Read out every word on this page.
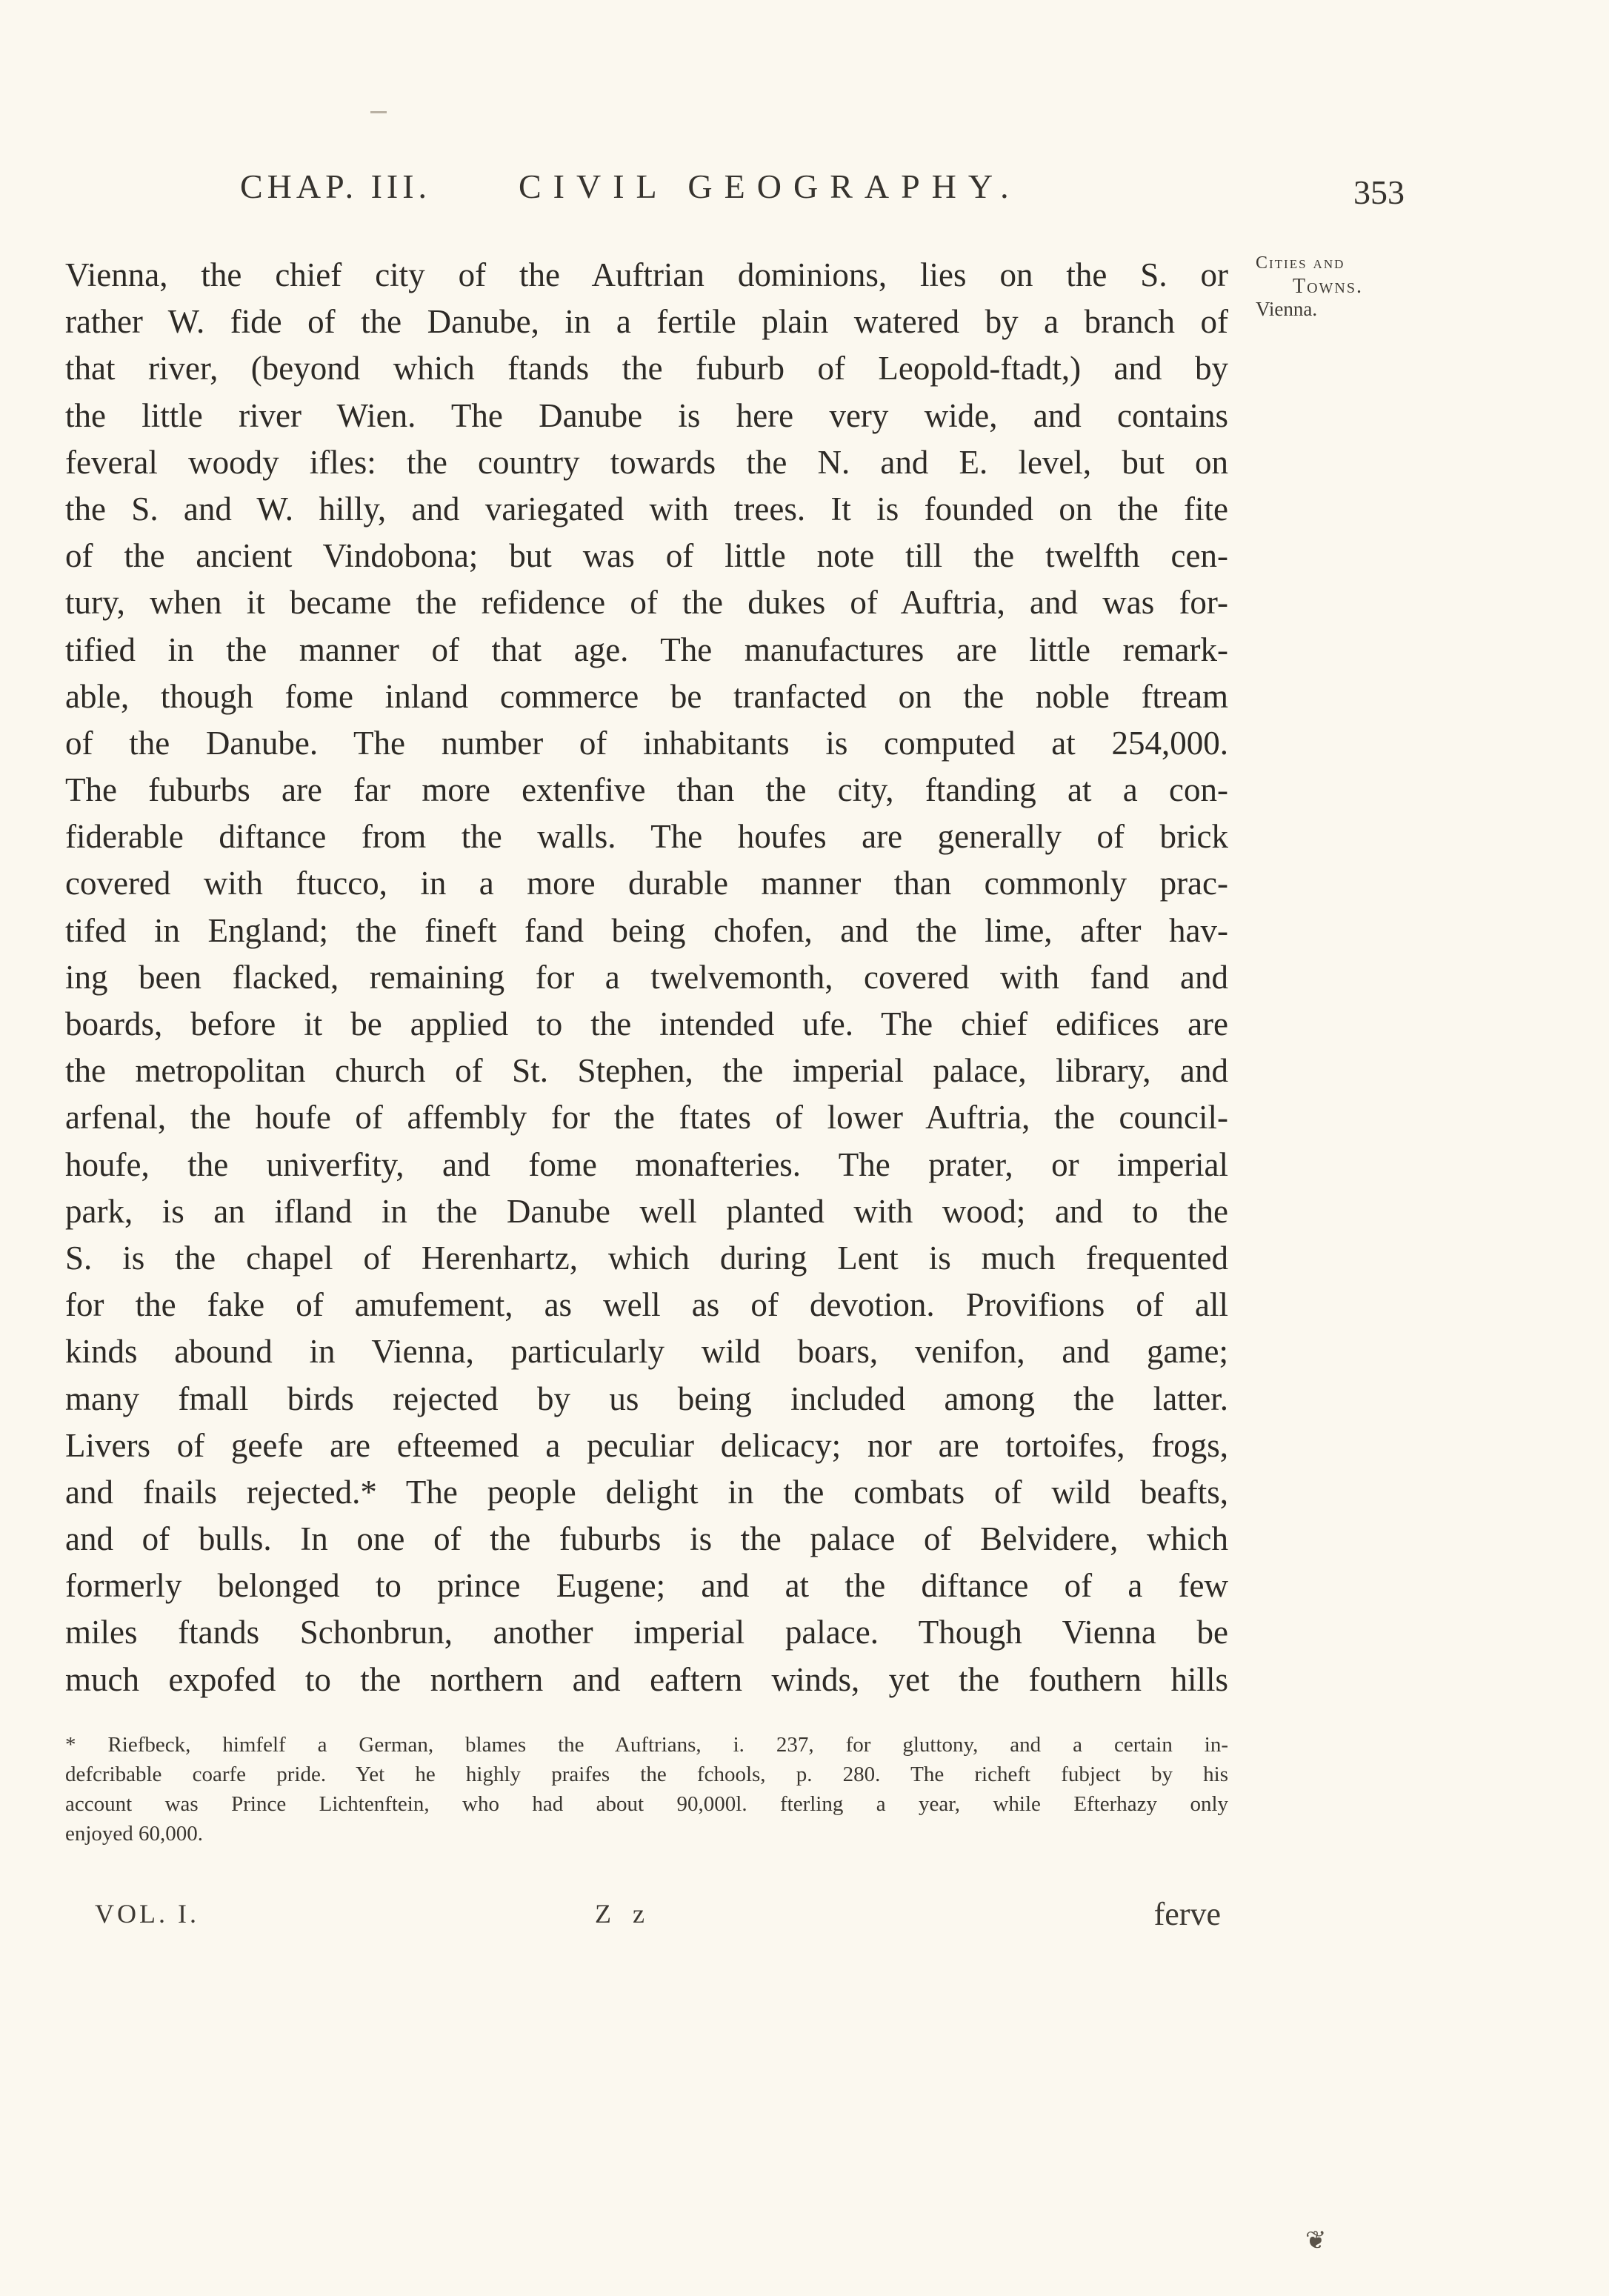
CHAP. III.	CIVIL GEOGRAPHY.	353
Cities and
Towns.
Vienna.
Vienna, the chief city of the Auftrian dominions, lies on the S. or
rather W. fide of the Danube, in a fertile plain watered by a branch of
that river, (beyond which ftands the fuburb of Leopold-ftadt,) and by
the little river Wien. The Danube is here very wide, and contains
feveral woody ifles: the country towards the N. and E. level, but on
the S. and W. hilly, and variegated with trees. It is founded on the fite
of the ancient Vindobona; but was of little note till the twelfth cen-
tury, when it became the refidence of the dukes of Auftria, and was for-
tified in the manner of that age. The manufactures are little remark-
able, though fome inland commerce be tranfacted on the noble ftream
of the Danube. The number of inhabitants is computed at 254,000.
The fuburbs are far more extenfive than the city, ftanding at a con-
fiderable diftance from the walls. The houfes are generally of brick
covered with ftucco, in a more durable manner than commonly prac-
tifed in England; the fineft fand being chofen, and the lime, after hav-
ing been flacked, remaining for a twelvemonth, covered with fand and
boards, before it be applied to the intended ufe. The chief edifices are
the metropolitan church of St. Stephen, the imperial palace, library, and
arfenal, the houfe of affembly for the ftates of lower Auftria, the council-
houfe, the univerfity, and fome monafteries. The prater, or imperial
park, is an ifland in the Danube well planted with wood; and to the
S. is the chapel of Herenhartz, which during Lent is much frequented
for the fake of amufement, as well as of devotion. Provifions of all
kinds abound in Vienna, particularly wild boars, venifon, and game;
many fmall birds rejected by us being included among the latter.
Livers of geefe are efteemed a peculiar delicacy; nor are tortoifes, frogs,
and fnails rejected.* The people delight in the combats of wild beafts,
and of bulls. In one of the fuburbs is the palace of Belvidere, which
formerly belonged to prince Eugene; and at the diftance of a few
miles ftands Schonbrun, another imperial palace. Though Vienna be
much expofed to the northern and eaftern winds, yet the fouthern hills
* Riefbeck, himfelf a German, blames the Auftrians, i. 237, for gluttony, and a certain in-
defcribable coarfe pride. Yet he highly praifes the fchools, p. 280. The richeft fubject by his
account was Prince Lichtenftein, who had about 90,000l. fterling a year, while Efterhazy only
enjoyed 60,000.
VOL. I.	Z z	ferve
❦
